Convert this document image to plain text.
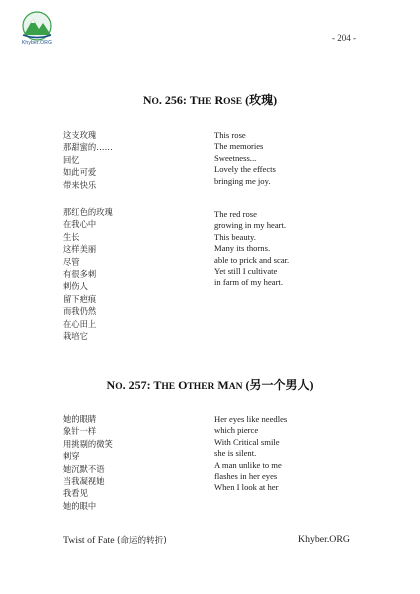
Khyber.ORG	- 204 -
NO. 256: THE ROSE (玫瑰)
这支玫瑰
那甜蜜的……
回忆
如此可爱
带来快乐
This rose
The memories
Sweetness...
Lovely the effects
bringing me joy.
那红色的玫瑰
在我心中
生长
这样美丽
尽管
有很多刺
刺伤人
留下疤痕
而我仍然
在心田上
栽培它
The red rose
growing in my heart.
This beauty.
Many its thorns.
able to prick and scar.
Yet still I cultivate
in farm of my heart.
NO. 257: THE OTHER MAN (另一个男人)
她的眼睛
象针一样
用挑剔的微笑
刺穿
她沉默不语
当我凝视她
我看见
她的眼中
Her eyes like needles
which pierce
With Critical smile
she is silent.
A man unlike to me
flashes in her eyes
When I look at her
Twist of Fate (命运的转折)	Khyber.ORG
